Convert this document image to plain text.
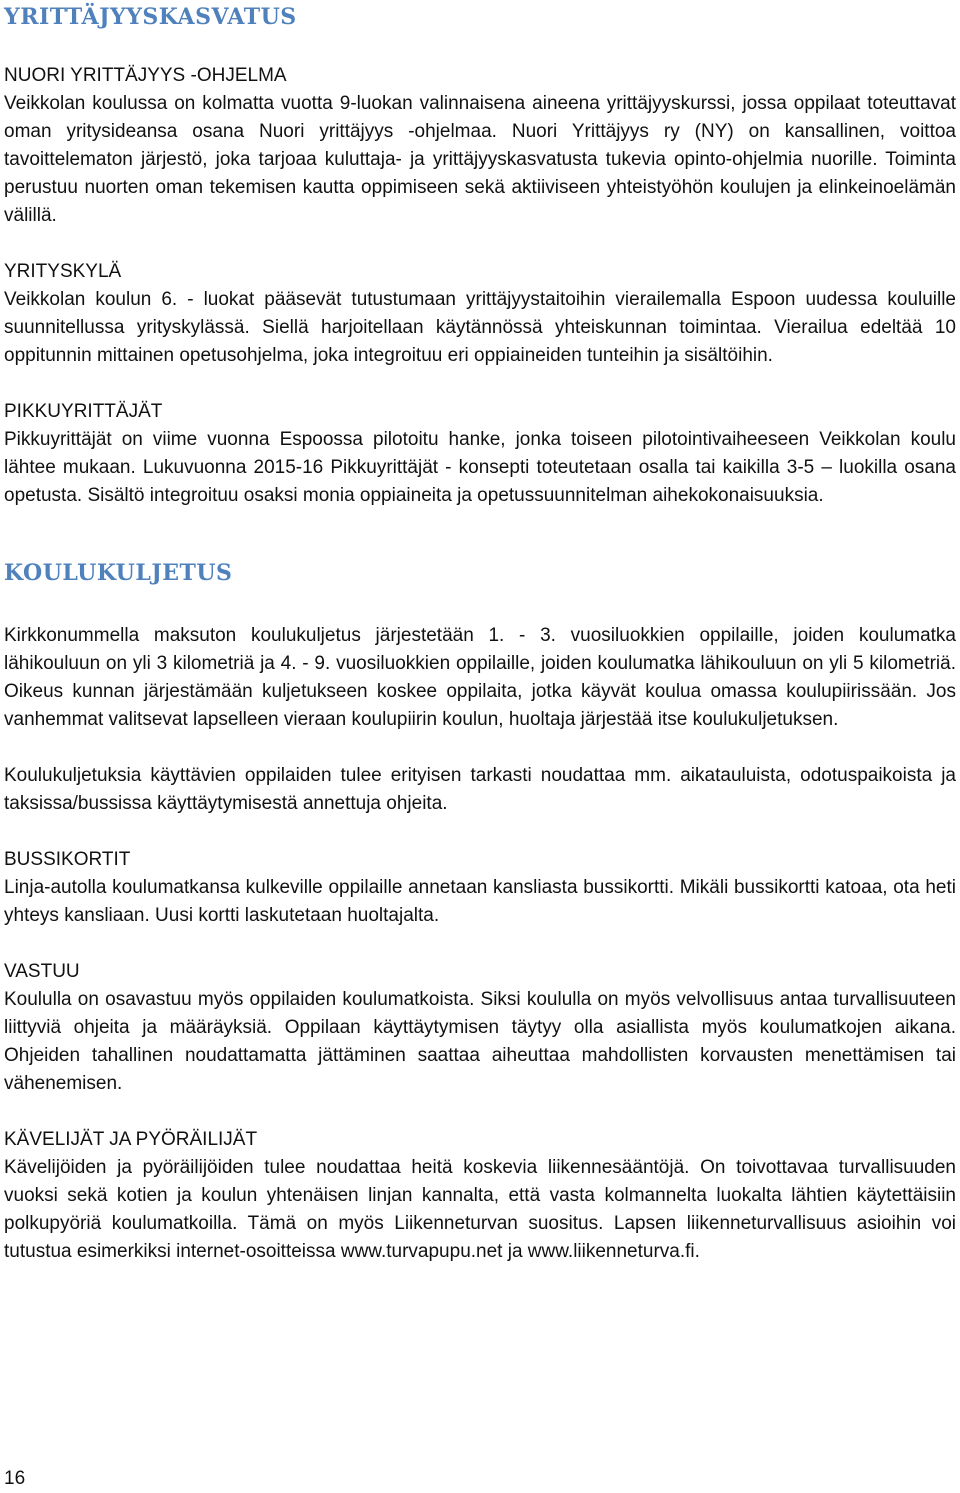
YRITTÄJYYSKASVATUS

NUORI YRITTÄJYYS -OHJELMA

Veikkolan koulussa on kolmatta vuotta 9-luokan valinnaisena aineena yrittäjyyskurssi, jossa oppilaat toteuttavat oman yritysideansa osana Nuori yrittäjyys -ohjelmaa. Nuori Yrittäjyys ry (NY) on kansallinen, voittoa tavoittelematon järjestö, joka tarjoaa kuluttaja- ja yrittäjyyskasvatusta tukevia opinto-ohjelmia nuorille. Toiminta perustuu nuorten oman tekemisen kautta oppimiseen sekä aktiiviseen yhteistyöhön koulujen ja elinkeinoelämän välillä.

YRITYSKYLÄ

Veikkolan koulun 6. - luokat pääsevät tutustumaan yrittäjyystaitoihin vierailemalla Espoon uudessa kouluille suunnitellussa yrityskylässä. Siellä harjoitellaan käytännössä yhteiskunnan toimintaa. Vierailua edeltää 10 oppitunnin mittainen opetusohjelma, joka integroituu eri oppiaineiden tunteihin ja sisältöihin.

PIKKUYRITTÄJÄT

Pikkuyrittäjät on viime vuonna Espoossa pilotoitu hanke, jonka toiseen pilotointivaiheeseen Veikkolan koulu lähtee mukaan. Lukuvuonna 2015-16 Pikkuyrittäjät - konsepti toteutetaan osalla tai kaikilla 3-5 – luokilla osana opetusta. Sisältö integroituu osaksi monia oppiaineita ja opetussuunnitelman aihekokonaisuuksia.

KOULUKULJETUS

Kirkkonummella maksuton koulukuljetus järjestetään 1. - 3. vuosiluokkien oppilaille, joiden koulumatka lähikouluun on yli 3 kilometriä ja 4. - 9. vuosiluokkien oppilaille, joiden koulumatka lähikouluun on yli 5 kilometriä. Oikeus kunnan järjestämään kuljetukseen koskee oppilaita, jotka käyvät koulua omassa koulupiirissään. Jos vanhemmat valitsevat lapselleen vieraan koulupiirin koulun, huoltaja järjestää itse koulukuljetuksen.

Koulukuljetuksia käyttävien oppilaiden tulee erityisen tarkasti noudattaa mm. aikatauluista, odotuspaikoista ja taksissa/bussissa käyttäytymisestä annettuja ohjeita.

BUSSIKORTIT

Linja-autolla koulumatkansa kulkeville oppilaille annetaan kansliasta bussikortti. Mikäli bussikortti katoaa, ota heti yhteys kansliaan. Uusi kortti laskutetaan huoltajalta.

VASTUU

Koululla on osavastuu myös oppilaiden koulumatkoista. Siksi koululla on myös velvollisuus antaa turvallisuuteen liittyviä ohjeita ja määräyksiä. Oppilaan käyttäytymisen täytyy olla asiallista myös koulumatkojen aikana. Ohjeiden tahallinen noudattamatta jättäminen saattaa aiheuttaa mahdollisten korvausten menettämisen tai vähenemisen.

KÄVELIJÄT JA PYÖRÄILIJÄT

Kävelijöiden ja pyöräilijöiden tulee noudattaa heitä koskevia liikennesääntöjä. On toivottavaa turvallisuuden vuoksi sekä kotien ja koulun yhtenäisen linjan kannalta, että vasta kolmannelta luokalta lähtien käytettäisiin polkupyöriä koulumatkoilla. Tämä on myös Liikenneturvan suositus. Lapsen liikenneturvallisuus asioihin voi tutustua esimerkiksi internet-osoitteissa www.turvapupu.net ja www.liikenneturva.fi.

16
